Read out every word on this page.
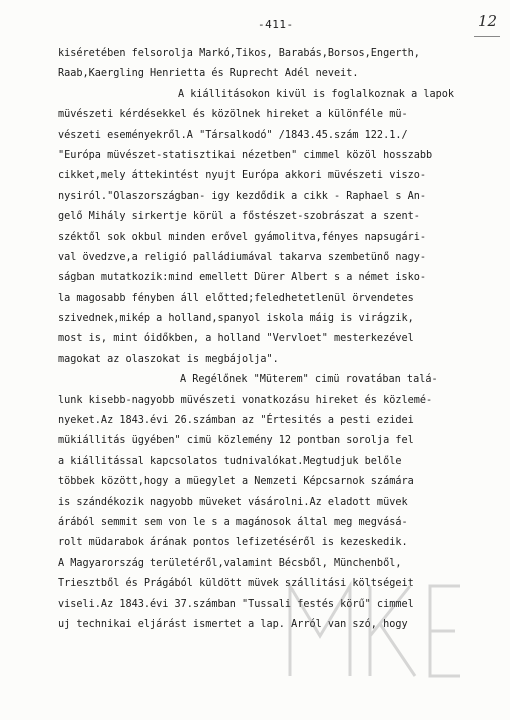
-411-	12
kiséretében felsorolja Markó,Tikos, Barabás,Borsos,Engerth,
Raab,Kaergling Henrietta és Ruprecht Adél neveit.
A kiállitásokon kivül is foglalkoznak a lapok
müvészeti kérdésekkel és közölnek hireket a különféle mü-
vészeti eseményekről.A "Társalkodó" /1843.45.szám 122.1./
"Európa müvészet-statisztikai nézetben" cimmel közöl hosszabb
cikket,mely áttekintést nyujt Európa akkori müvészeti viszo-
nysiról."Olaszországban- igy kezdődik a cikk - Raphael s An-
gelő Mihály sirkertje körül a főstészet-szobrászat a szent-
széktől sok okbul minden erővel gyámolitva,fényes napsugári-
val övedzve,a religió palládiumával takarva szembetünő nagy-
ságban mutatkozik:mind emellett Dürer Albert s a német isko-
la magosabb fényben áll előtted;feledhetetlenül örvendetes
szivednek,mikép a holland,spanyol iskola máig is virágzik,
most is, mint óidőkben, a holland "Vervloet" mesterkezével
magokat az olaszokat is megbájolja".
A Regélőnek "Müterem" cimü rovatában talá-
lunk kisebb-nagyobb müvészeti vonatkozásu hireket és közlemé-
nyeket.Az 1843.évi 26.számban az "Értesités a pesti ezidei
mükiállitás ügyében" cimü közlemény 12 pontban sorolja fel
a kiállitással kapcsolatos tudnivalókat.Megtudjuk belőle
többek között,hogy a müegylet a Nemzeti Képcsarnok számára
is szándékozik nagyobb müveket vásárolni.Az eladott müvek
árából semmit sem von le s a magánosok által meg megvásá-
rolt müdarabok árának pontos lefizetéséről is kezeskedik.
A Magyarország területéről,valamint Bécsből, Münchenből,
Triesztből és Prágából küldött müvek szállitási költségeit
viseli.Az 1843.évi 37.számban "Tussali festés körű" cimmel
uj technikai eljárást ismertet a lap. Arról van szó, hogy
